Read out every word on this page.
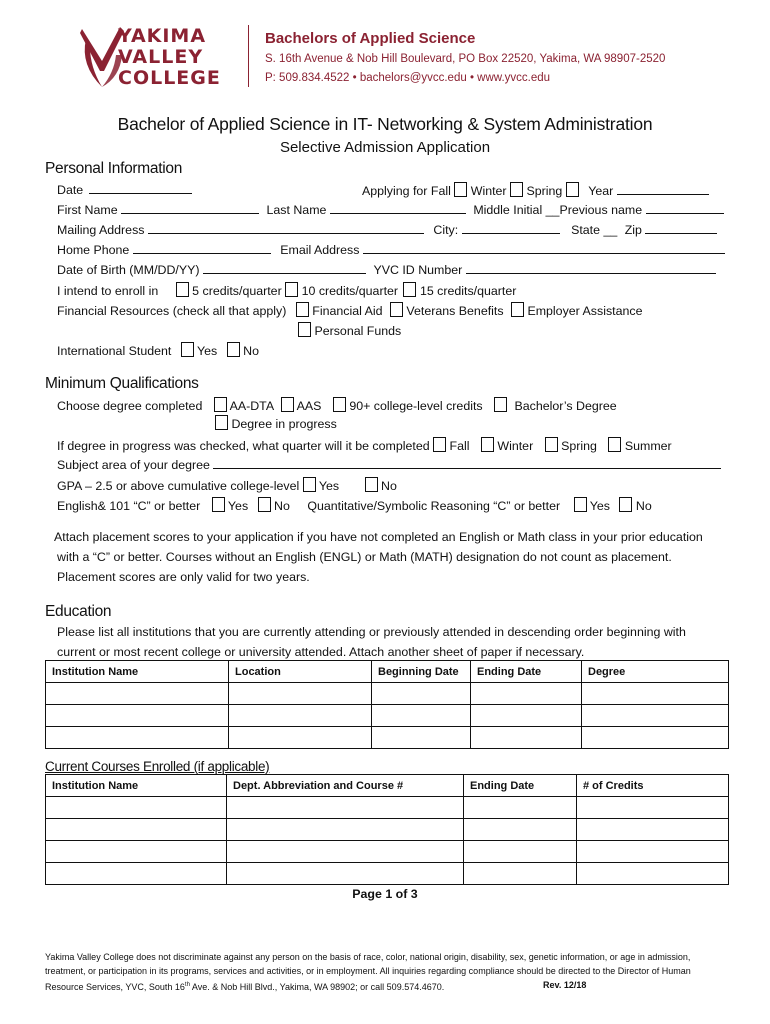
YAKIMA
VALLEY
COLLEGE
Bachelors of Applied Science
S. 16th Avenue & Nob Hill Boulevard, PO Box 22520, Yakima, WA 98907-2520
P: 509.834.4522 • bachelors@yvcc.edu • www.yvcc.edu
Bachelor of Applied Science in IT- Networking & System Administration
Selective Admission Application
Personal Information
Date	Applying for Fall Winter Spring Year
First Name	Last Name	Middle Initial __Previous name
Mailing Address	City:	State __ Zip
Home Phone	Email Address
Date of Birth (MM/DD/YY)	YVC ID Number
I intend to enroll in	5 credits/quarter 10 credits/quarter 15 credits/quarter
Financial Resources (check all that apply) Financial Aid Veterans Benefits Employer Assistance
Personal Funds
International Student Yes No
Minimum Qualifications
Choose degree completed AA-DTA AAS 90+ college-level credits	Bachelor’s Degree
Degree in progress
If degree in progress was checked, what quarter will it be completed Fall Winter Spring Summer
Subject area of your degree
GPA – 2.5 or above cumulative college-level Yes	No
English& 101 “C” or better Yes No Quantitative/Symbolic Reasoning “C” or better Yes No
Attach placement scores to your application if you have not completed an English or Math class in your prior education
with a “C” or better. Courses without an English (ENGL) or Math (MATH) designation do not count as placement.
Placement scores are only valid for two years.
Education
Please list all institutions that you are currently attending or previously attended in descending order beginning with
current or most recent college or university attended. Attach another sheet of paper if necessary.
Institution Name	Location	Beginning Date	Ending Date	Degree

Current Courses Enrolled (if applicable)
Institution Name	Dept. Abbreviation and Course #	Ending Date	# of Credits

Page 1 of 3
Yakima Valley College does not discriminate against any person on the basis of race, color, national origin, disability, sex, genetic information, or age in admission,
treatment, or participation in its programs, services and activities, or in employment. All inquiries regarding compliance should be directed to the Director of Human
Resource Services, YVC, South 16th Ave. & Nob Hill Blvd., Yakima, WA 98902; or call 509.574.4670.	Rev. 12/18
